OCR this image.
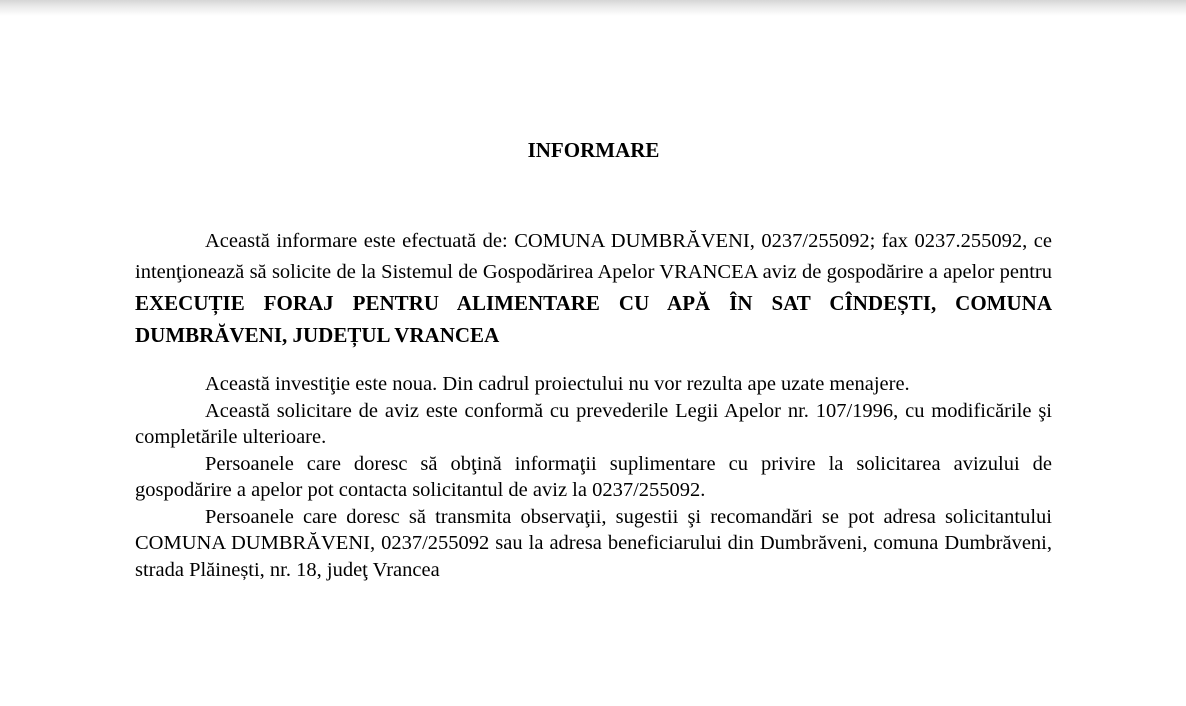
INFORMARE

Această informare este efectuată de: COMUNA DUMBRĂVENI, 0237/255092; fax 0237.255092, ce intenţionează să solicite de la Sistemul de Gospodărirea Apelor VRANCEA aviz de gospodărire a apelor pentru EXECUȚIE FORAJ PENTRU ALIMENTARE CU APĂ ÎN SAT CÎNDEȘTI, COMUNA DUMBRĂVENI, JUDEȚUL VRANCEA

Această investiţie este noua. Din cadrul proiectului nu vor rezulta ape uzate menajere.

Această solicitare de aviz este conformă cu prevederile Legii Apelor nr. 107/1996, cu modificările şi completările ulterioare.

Persoanele care doresc să obţină informaţii suplimentare cu privire la solicitarea avizului de gospodărire a apelor pot contacta solicitantul de aviz la 0237/255092.

Persoanele care doresc să transmita observaţii, sugestii şi recomandări se pot adresa solicitantului COMUNA DUMBRĂVENI, 0237/255092 sau la adresa beneficiarului din Dumbrăveni, comuna Dumbrăveni, strada Plăinești, nr. 18, judeţ Vrancea
